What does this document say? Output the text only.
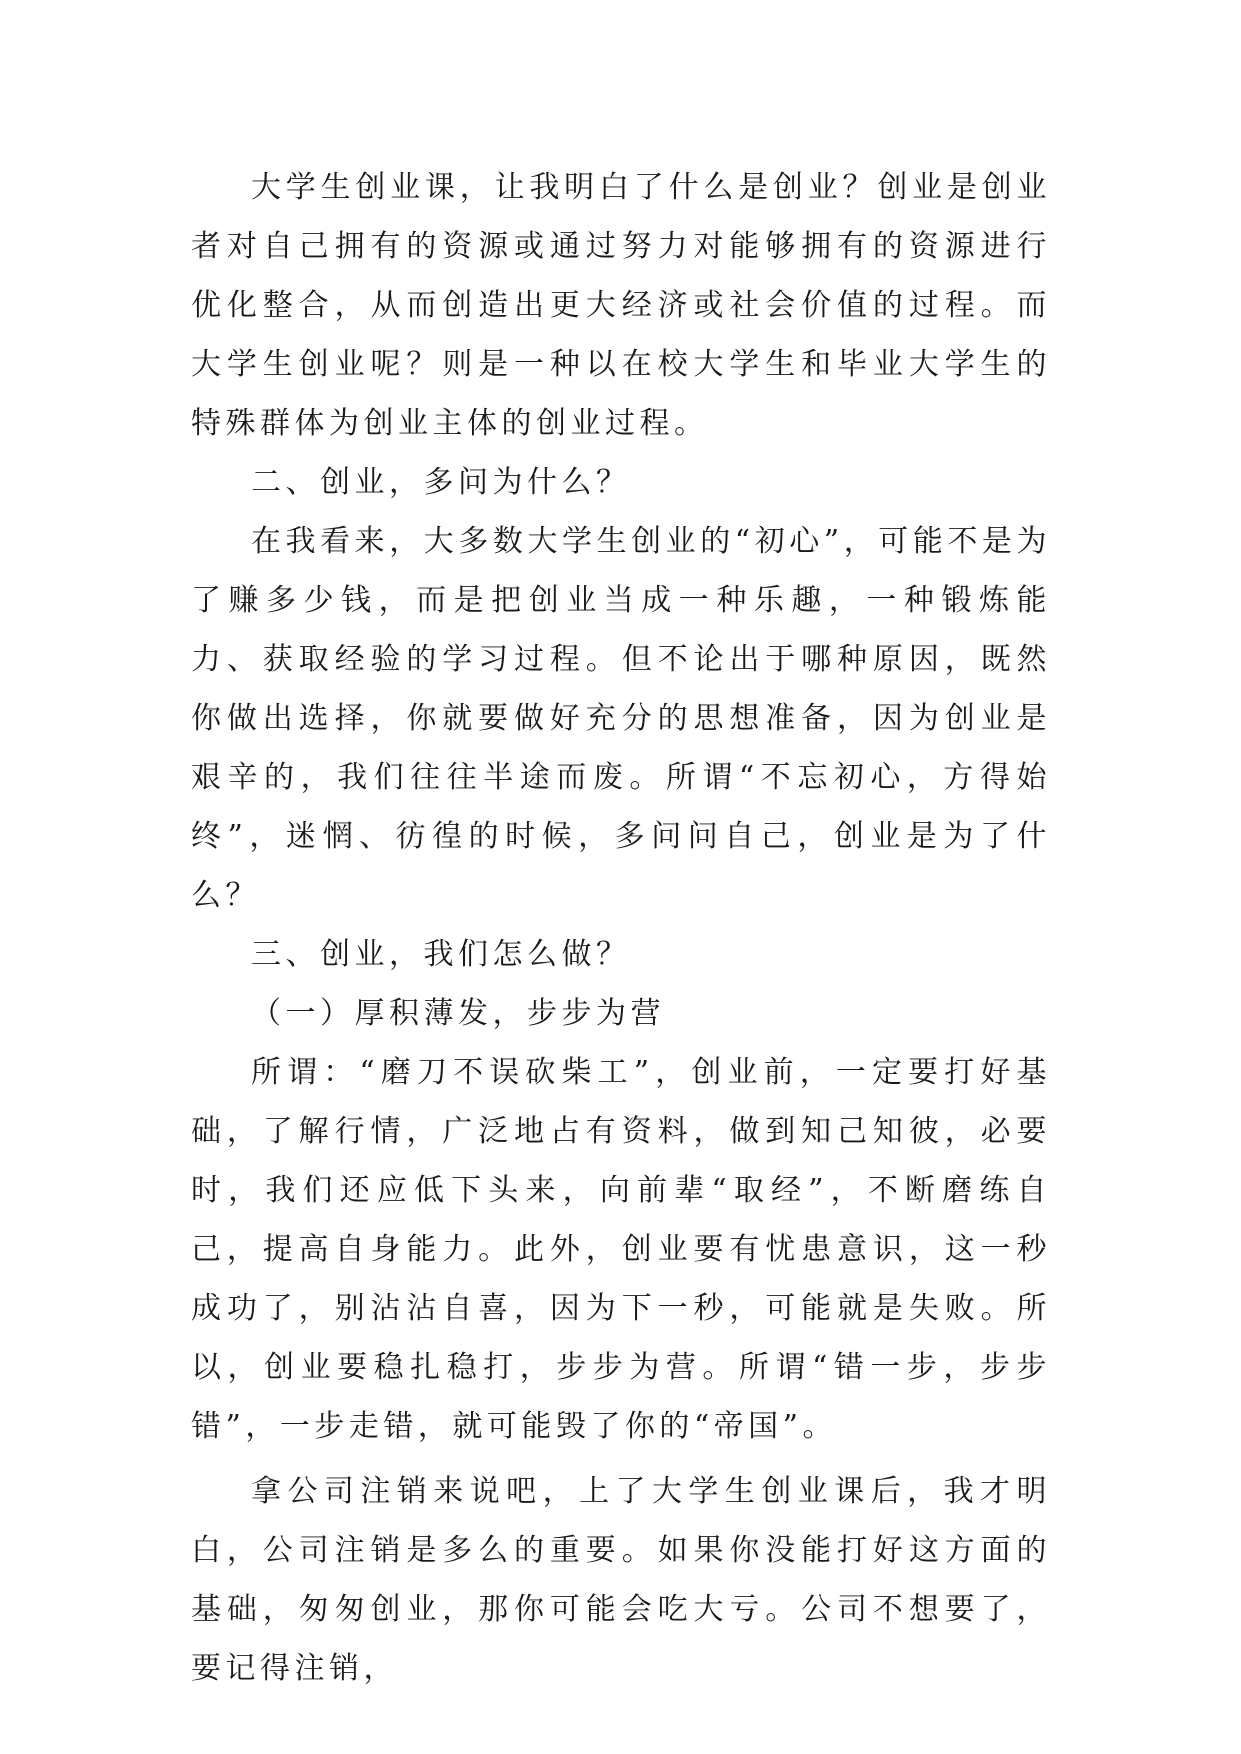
大学生创业课，让我明白了什么是创业？创业是创业者对自己拥有的资源或通过努力对能够拥有的资源进行优化整合，从而创造出更大经济或社会价值的过程。而大学生创业呢？则是一种以在校大学生和毕业大学生的特殊群体为创业主体的创业过程。

二、创业，多问为什么？

在我看来，大多数大学生创业的“初心”，可能不是为了赚多少钱，而是把创业当成一种乐趣，一种锻炼能力、获取经验的学习过程。但不论出于哪种原因，既然你做出选择，你就要做好充分的思想准备，因为创业是艰辛的，我们往往半途而废。所谓“不忘初心，方得始终”，迷惘、彷徨的时候，多问问自己，创业是为了什么？

三、创业，我们怎么做？

（一）厚积薄发，步步为营

所谓：“磨刀不误砍柴工”，创业前，一定要打好基础，了解行情，广泛地占有资料，做到知己知彼，必要时，我们还应低下头来，向前辈“取经”，不断磨练自己，提高自身能力。此外，创业要有忧患意识，这一秒成功了，别沾沾自喜，因为下一秒，可能就是失败。所以，创业要稳扎稳打，步步为营。所谓“错一步，步步错”，一步走错，就可能毁了你的“帝国”。

拿公司注销来说吧，上了大学生创业课后，我才明白，公司注销是多么的重要。如果你没能打好这方面的基础，匆匆创业，那你可能会吃大亏。公司不想要了，要记得注销，
